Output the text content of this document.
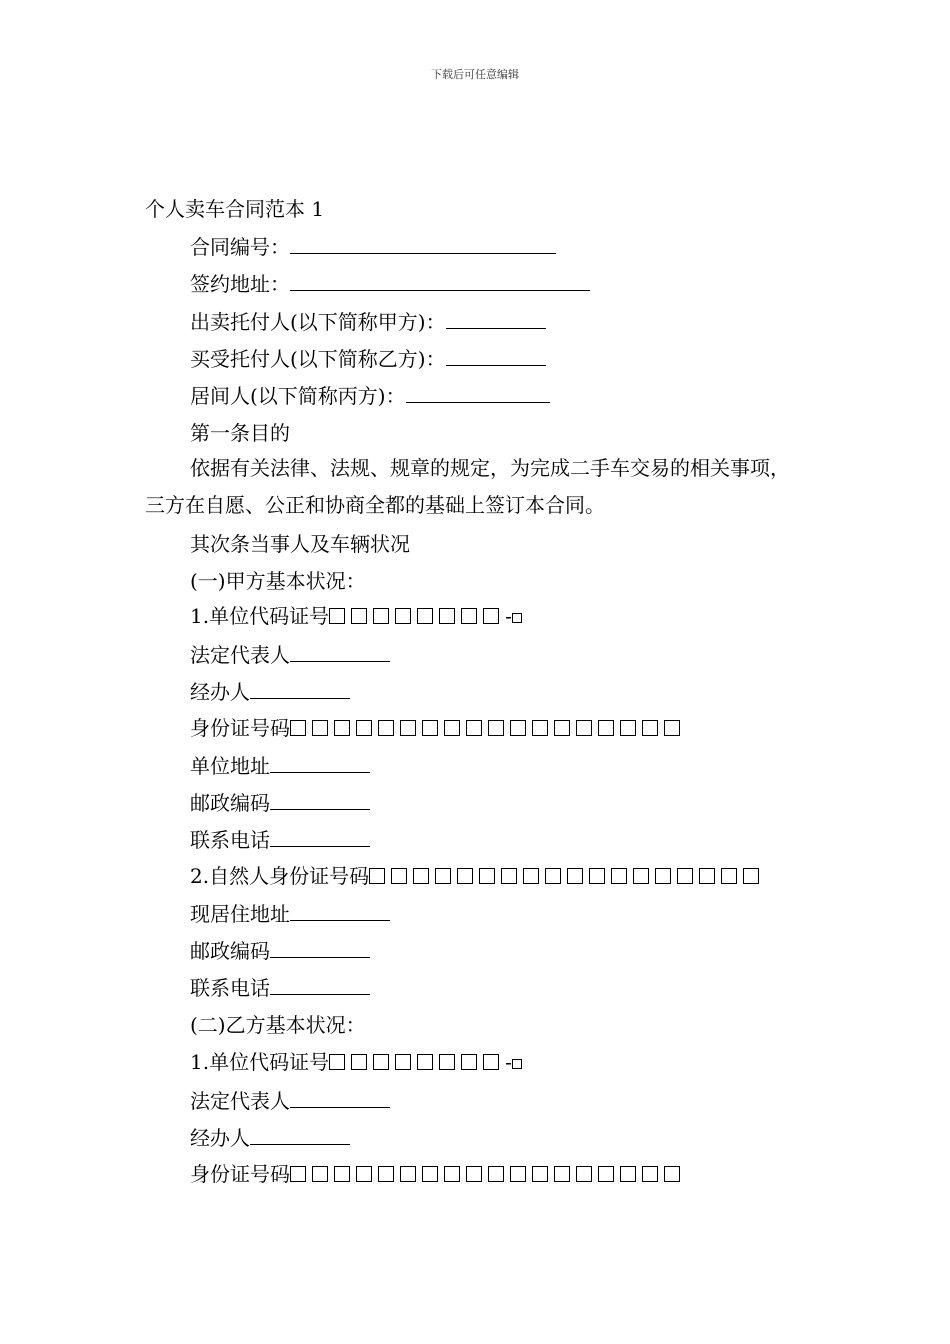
下载后可任意编辑
个人卖车合同范本 1
合同编号：
签约地址：
出卖托付人(以下简称甲方)：
买受托付人(以下简称乙方)：
居间人(以下简称丙方)：
第一条目的
依据有关法律、法规、规章的规定，为完成二手车交易的相关事项，三方在自愿、公正和协商全都的基础上签订本合同。
其次条当事人及车辆状况
(一)甲方基本状况：
1.单位代码证号	-
法定代表人
经办人
身份证号码
单位地址
邮政编码
联系电话
2.自然人身份证号码
现居住地址
邮政编码
联系电话
(二)乙方基本状况：
1.单位代码证号	-
法定代表人
经办人
身份证号码
